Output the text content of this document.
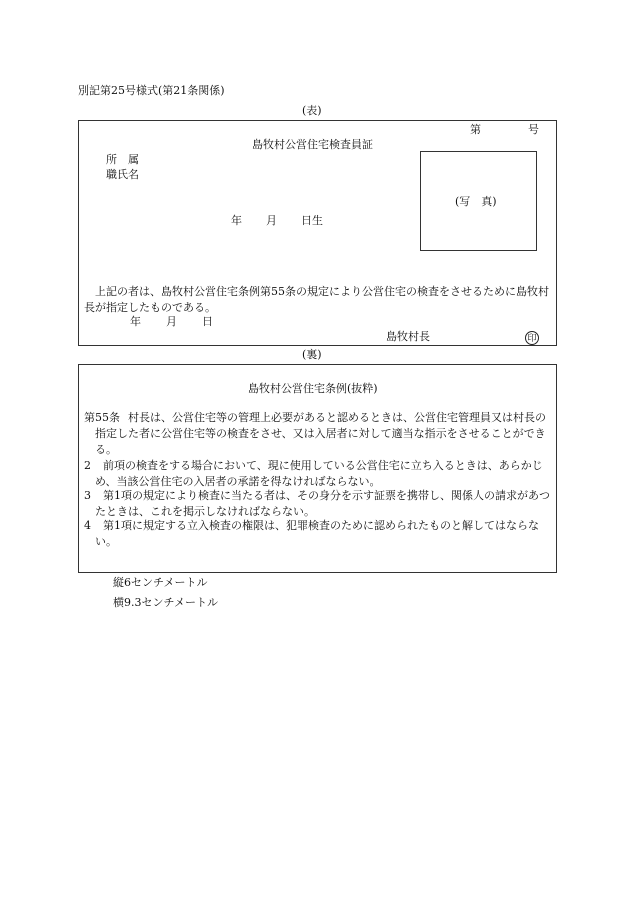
別記第25号様式(第21条関係)
(表)
第	号
島牧村公営住宅検査員証
所　属
職氏名
年 月 日生
(写　真)
上記の者は、島牧村公営住宅条例第55条の規定により公営住宅の検査をさせるために島牧村長が指定したものである。
年 月 日
島牧村長	印
(裏)
島牧村公営住宅条例(抜粋)
第55条 村長は、公営住宅等の管理上必要があると認めるときは、公営住宅管理員又は村長の指定した者に公営住宅等の検査をさせ、又は入居者に対して適当な指示をさせることができる。
2 前項の検査をする場合において、現に使用している公営住宅に立ち入るときは、あらかじめ、当該公営住宅の入居者の承諾を得なければならない。
3 第1項の規定により検査に当たる者は、その身分を示す証票を携帯し、関係人の請求があつたときは、これを掲示しなければならない。
4 第1項に規定する立入検査の権限は、犯罪検査のために認められたものと解してはならない。
縦6センチメートル
横9.3センチメートル
